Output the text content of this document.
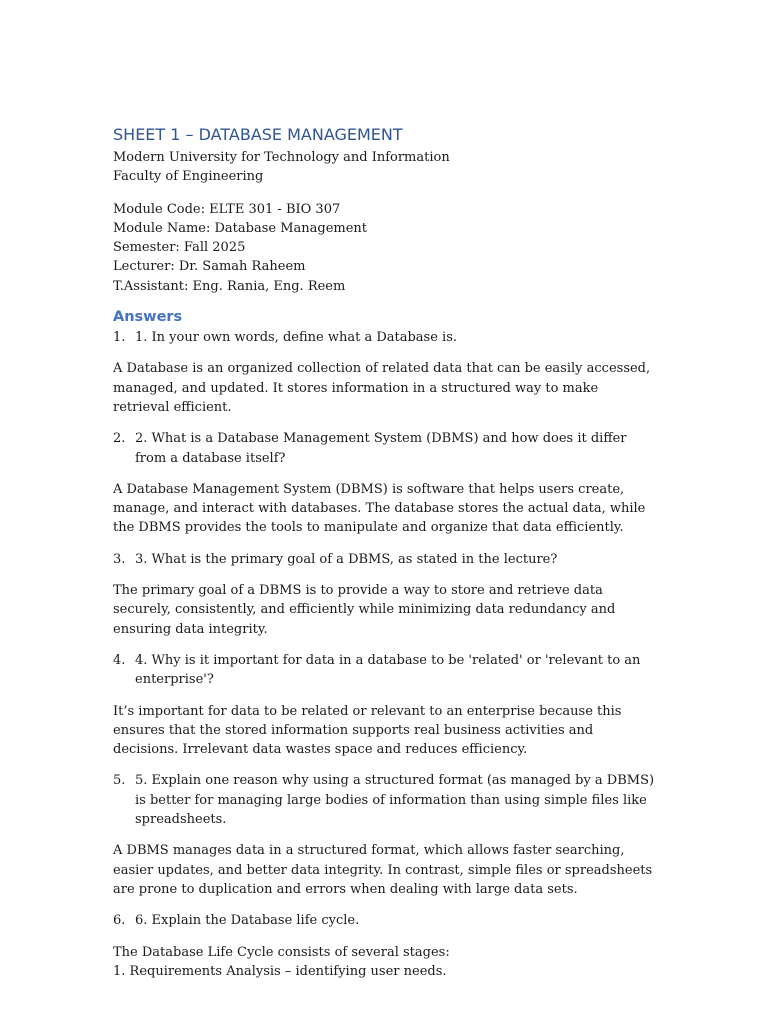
SHEET 1 – DATABASE MANAGEMENT
Modern University for Technology and Information
Faculty of Engineering
Module Code: ELTE 301 - BIO 307
Module Name: Database Management
Semester: Fall 2025
Lecturer: Dr. Samah Raheem
T.Assistant: Eng. Rania, Eng. Reem
Answers
1. 1. In your own words, define what a Database is.

A Database is an organized collection of related data that can be easily accessed, managed, and updated. It stores information in a structured way to make retrieval efficient.

2. 2. What is a Database Management System (DBMS) and how does it differ from a database itself?

A Database Management System (DBMS) is software that helps users create, manage, and interact with databases. The database stores the actual data, while the DBMS provides the tools to manipulate and organize that data efficiently.

3. 3. What is the primary goal of a DBMS, as stated in the lecture?

The primary goal of a DBMS is to provide a way to store and retrieve data securely, consistently, and efficiently while minimizing data redundancy and ensuring data integrity.

4. 4. Why is it important for data in a database to be 'related' or 'relevant to an enterprise'?

It’s important for data to be related or relevant to an enterprise because this ensures that the stored information supports real business activities and decisions. Irrelevant data wastes space and reduces efficiency.

5. 5. Explain one reason why using a structured format (as managed by a DBMS) is better for managing large bodies of information than using simple files like spreadsheets.

A DBMS manages data in a structured format, which allows faster searching, easier updates, and better data integrity. In contrast, simple files or spreadsheets are prone to duplication and errors when dealing with large data sets.

6. 6. Explain the Database life cycle.

The Database Life Cycle consists of several stages:

1. Requirements Analysis – identifying user needs.
